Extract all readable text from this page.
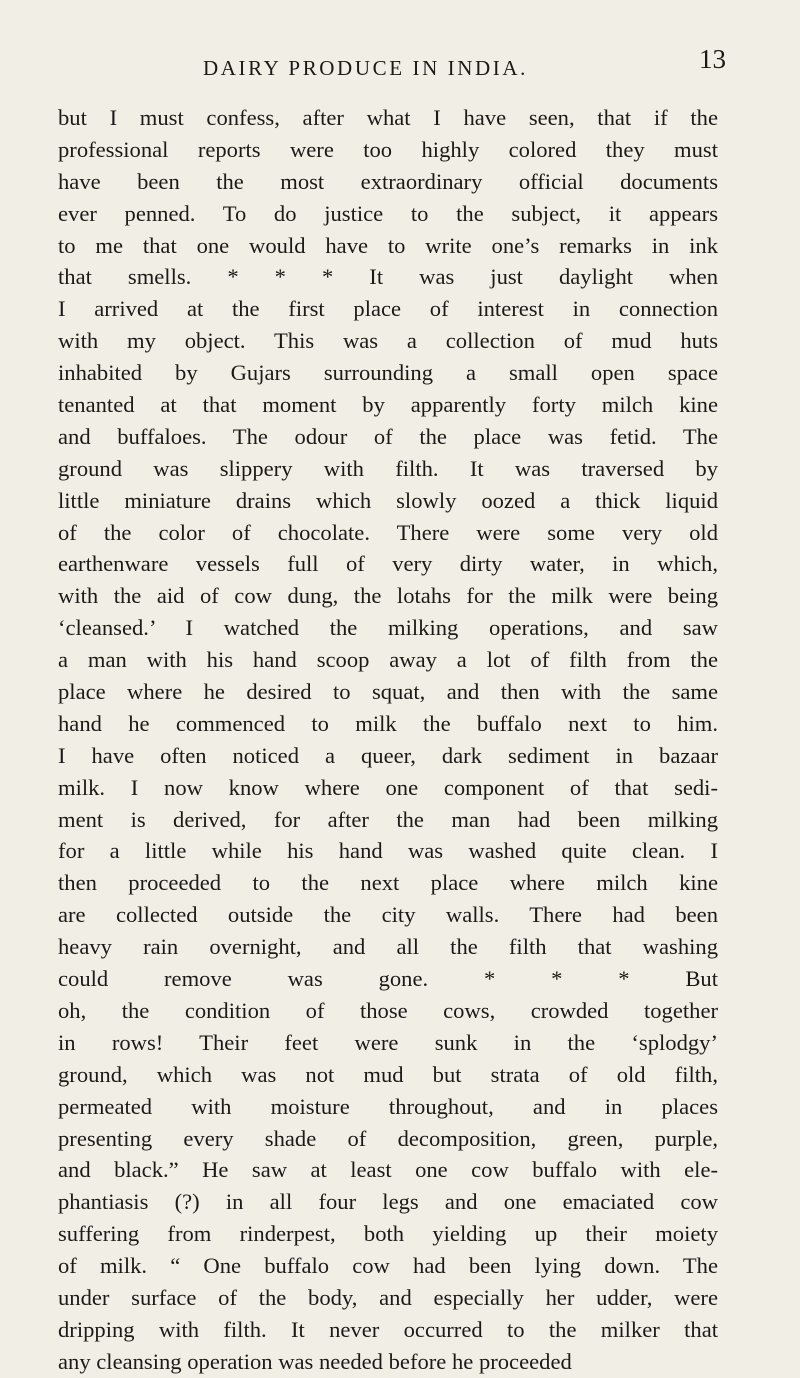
DAIRY PRODUCE IN INDIA.	13
but I must confess, after what I have seen, that if the
professional reports were too highly colored they must
have been the most extraordinary official documents
ever penned. To do justice to the subject, it appears
to me that one would have to write one’s remarks in ink
that smells. * * * It was just daylight when
I arrived at the first place of interest in connection
with my object. This was a collection of mud huts
inhabited by Gujars surrounding a small open space
tenanted at that moment by apparently forty milch kine
and buffaloes. The odour of the place was fetid. The
ground was slippery with filth. It was traversed by
little miniature drains which slowly oozed a thick liquid
of the color of chocolate. There were some very old
earthenware vessels full of very dirty water, in which,
with the aid of cow dung, the lotahs for the milk were being
‘cleansed.’ I watched the milking operations, and saw
a man with his hand scoop away a lot of filth from the
place where he desired to squat, and then with the same
hand he commenced to milk the buffalo next to him.
I have often noticed a queer, dark sediment in bazaar
milk. I now know where one component of that sedi-
ment is derived, for after the man had been milking
for a little while his hand was washed quite clean. I
then proceeded to the next place where milch kine
are collected outside the city walls. There had been
heavy rain overnight, and all the filth that washing
could remove was gone. * * * But
oh, the condition of those cows, crowded together
in rows! Their feet were sunk in the ‘splodgy’
ground, which was not mud but strata of old filth,
permeated with moisture throughout, and in places
presenting every shade of decomposition, green, purple,
and black.” He saw at least one cow buffalo with ele-
phantiasis (?) in all four legs and one emaciated cow
suffering from rinderpest, both yielding up their moiety
of milk. “ One buffalo cow had been lying down. The
under surface of the body, and especially her udder, were
dripping with filth. It never occurred to the milker that
any cleansing operation was needed before he proceeded
